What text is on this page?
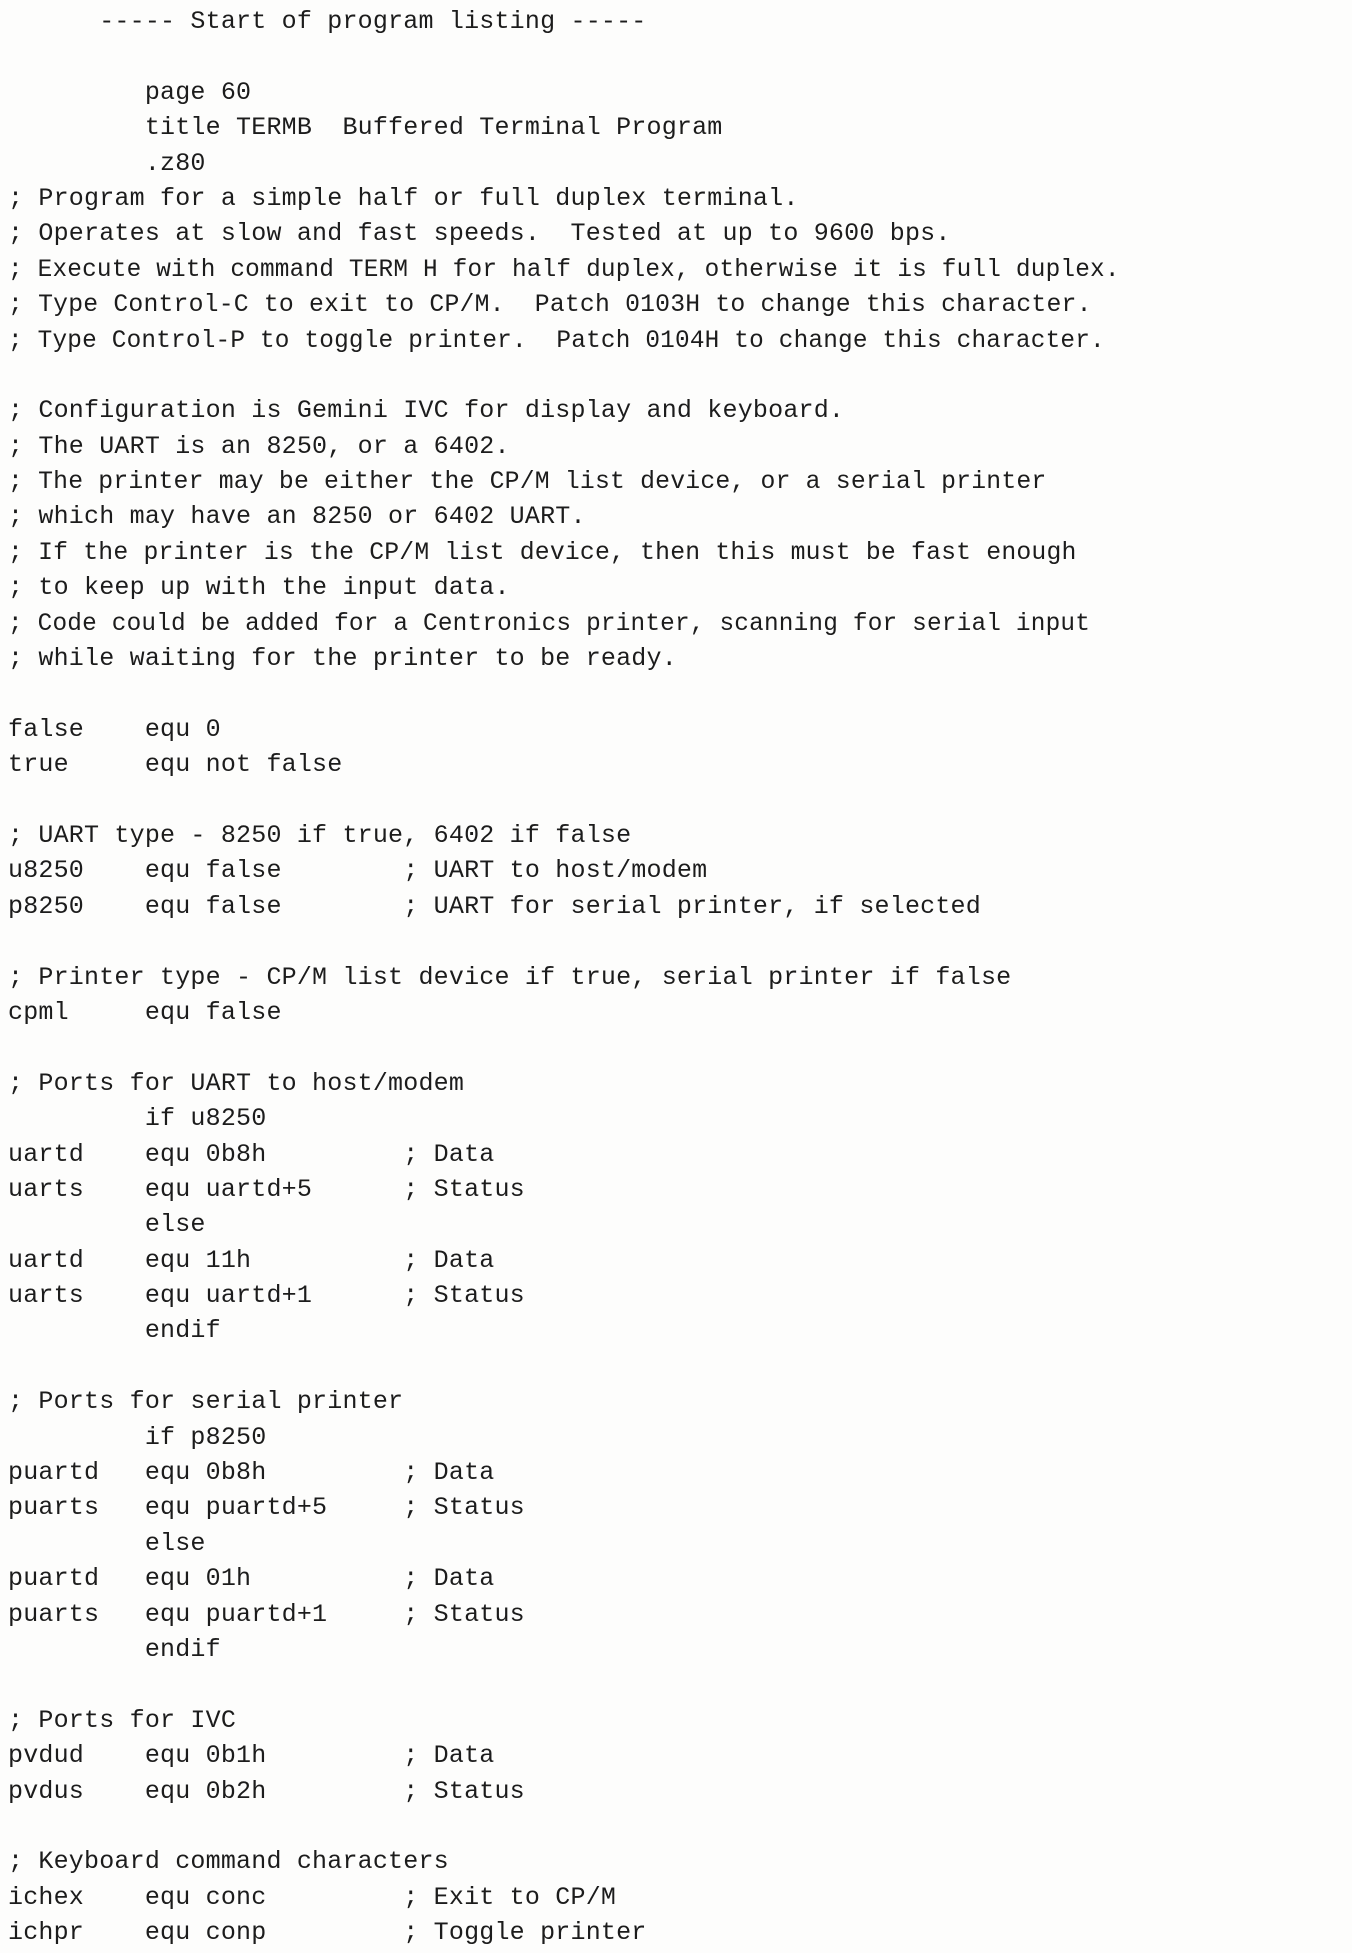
----- Start of program listing -----
page 60
title TERMB  Buffered Terminal Program
.z80
; Program for a simple half or full duplex terminal.
; Operates at slow and fast speeds.  Tested at up to 9600 bps.
; Execute with command TERM H for half duplex, otherwise it is full duplex.
; Type Control-C to exit to CP/M.  Patch 0103H to change this character.
; Type Control-P to toggle printer.  Patch 0104H to change this character.
; Configuration is Gemini IVC for display and keyboard.
; The UART is an 8250, or a 6402.
; The printer may be either the CP/M list device, or a serial printer
; which may have an 8250 or 6402 UART.
; If the printer is the CP/M list device, then this must be fast enough
; to keep up with the input data.
; Code could be added for a Centronics printer, scanning for serial input
; while waiting for the printer to be ready.
false    equ 0
true     equ not false
; UART type - 8250 if true, 6402 if false
u8250    equ false        ; UART to host/modem
p8250    equ false        ; UART for serial printer, if selected
; Printer type - CP/M list device if true, serial printer if false
cpml     equ false
; Ports for UART to host/modem
if u8250
uartd    equ 0b8h         ; Data
uarts    equ uartd+5      ; Status
else
uartd    equ 11h          ; Data
uarts    equ uartd+1      ; Status
endif
; Ports for serial printer
if p8250
puartd   equ 0b8h         ; Data
puarts   equ puartd+5     ; Status
else
puartd   equ 01h          ; Data
puarts   equ puartd+1     ; Status
endif
; Ports for IVC
pvdud    equ 0b1h         ; Data
pvdus    equ 0b2h         ; Status
; Keyboard command characters
ichex    equ conc         ; Exit to CP/M
ichpr    equ conp         ; Toggle printer
